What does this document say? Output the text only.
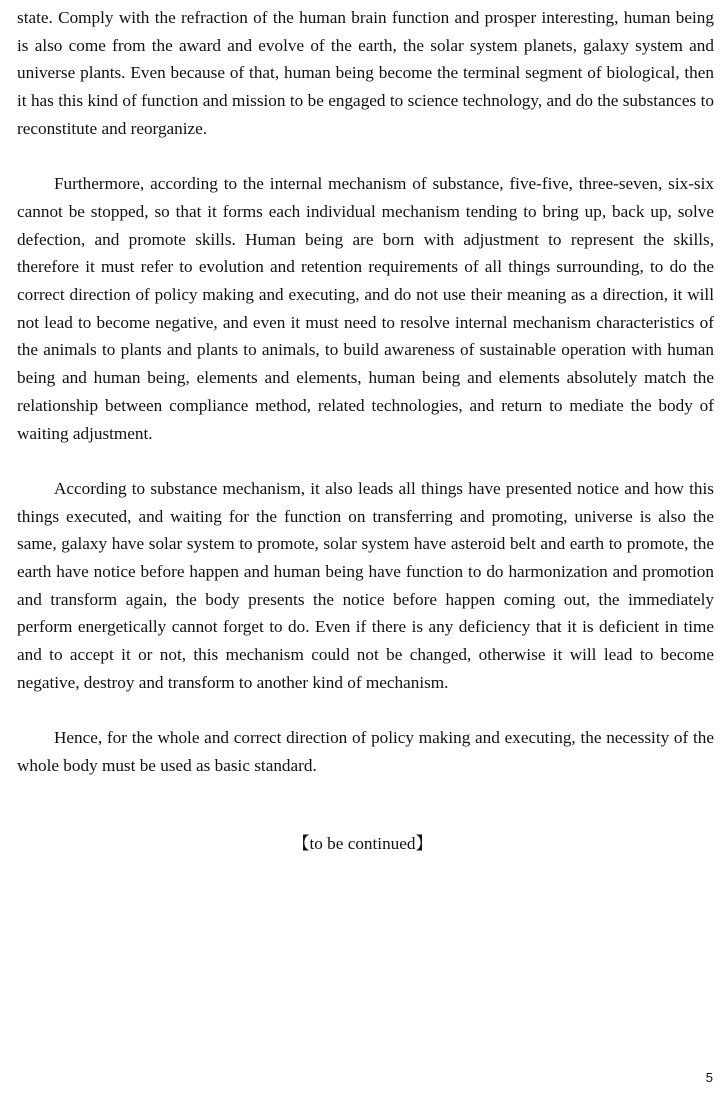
state. Comply with the refraction of the human brain function and prosper interesting, human being is also come from the award and evolve of the earth, the solar system planets, galaxy system and universe plants. Even because of that, human being become the terminal segment of biological, then it has this kind of function and mission to be engaged to science technology, and do the substances to reconstitute and reorganize.

Furthermore, according to the internal mechanism of substance, five-five, three-seven, six-six cannot be stopped, so that it forms each individual mechanism tending to bring up, back up, solve defection, and promote skills. Human being are born with adjustment to represent the skills, therefore it must refer to evolution and retention requirements of all things surrounding, to do the correct direction of policy making and executing, and do not use their meaning as a direction, it will not lead to become negative, and even it must need to resolve internal mechanism characteristics of the animals to plants and plants to animals, to build awareness of sustainable operation with human being and human being, elements and elements, human being and elements absolutely match the relationship between compliance method, related technologies, and return to mediate the body of waiting adjustment.

According to substance mechanism, it also leads all things have presented notice and how this things executed, and waiting for the function on transferring and promoting, universe is also the same, galaxy have solar system to promote, solar system have asteroid belt and earth to promote, the earth have notice before happen and human being have function to do harmonization and promotion and transform again, the body presents the notice before happen coming out, the immediately perform energetically cannot forget to do. Even if there is any deficiency that it is deficient in time and to accept it or not, this mechanism could not be changed, otherwise it will lead to become negative, destroy and transform to another kind of mechanism.

Hence, for the whole and correct direction of policy making and executing, the necessity of the whole body must be used as basic standard.

【to be continued】
5
